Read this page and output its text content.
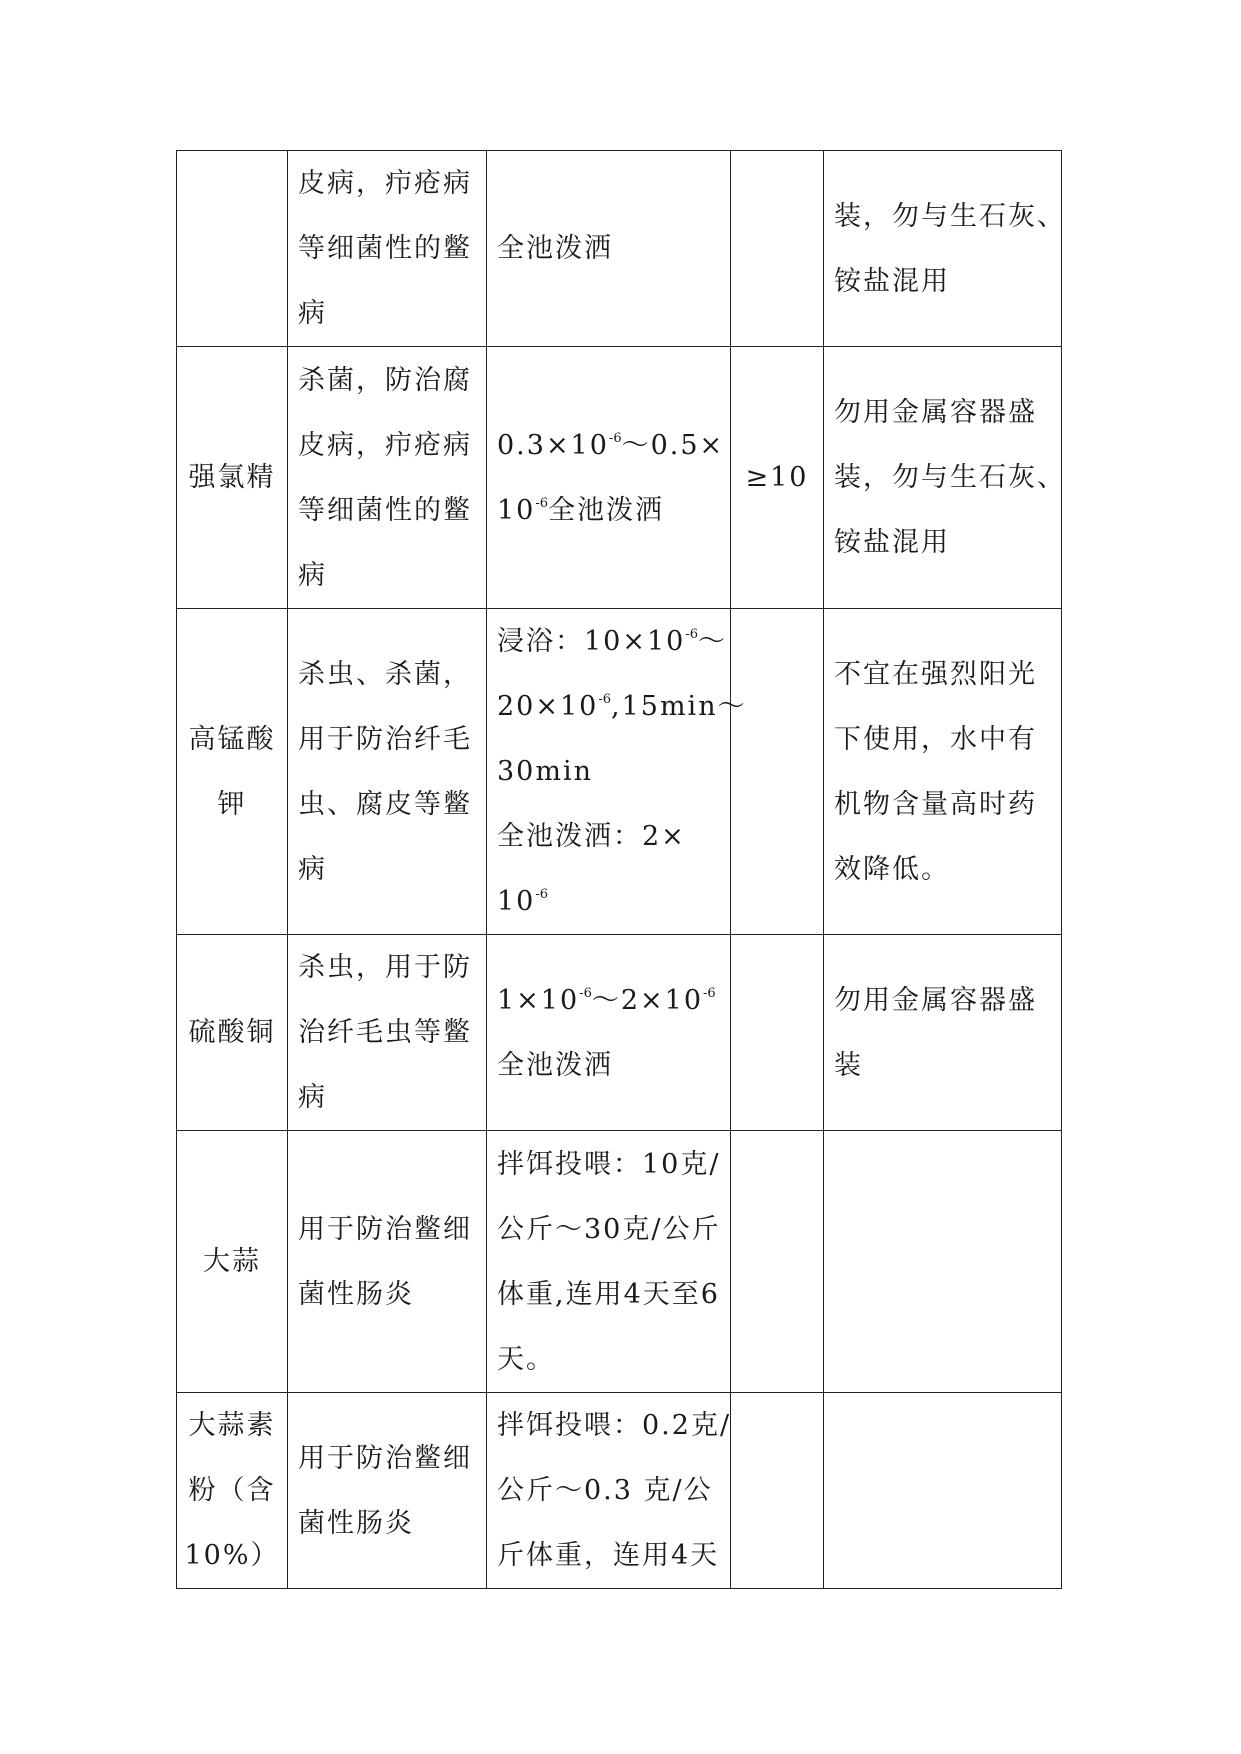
	皮病，疖疮病
等细菌性的鳖
病	全池泼洒		装，勿与生石灰、
铵盐混用

强氯精	杀菌，防治腐
皮病，疖疮病
等细菌性的鳖
病	$0.3\times 10^{-6}\sim 0.5\times$
$10^{-6}$全池泼洒	≥10	勿用金属容器盛
装，勿与生石灰、
铵盐混用

高锰酸
钾	杀虫、杀菌，
用于防治纤毛
虫、腐皮等鳖
病	浸浴：$10\times 10^{-6}\sim$
$20\times 10^{-6},15\min\sim$
30min
全池泼洒：2×
$10^{-6}$		不宜在强烈阳光
下使用，水中有
机物含量高时药
效降低。

硫酸铜	杀虫，用于防
治纤毛虫等鳖
病	$1\times 10^{-6}\sim 2\times 10^{-6}$
全池泼洒		勿用金属容器盛
装

大蒜	用于防治鳖细
菌性肠炎	拌饵投喂：10克/
公斤～30克/公斤
体重,连用4天至6
天。		

大蒜素
粉（含
10%）	用于防治鳖细
菌性肠炎	拌饵投喂：0.2克/
公斤～0.3 克/公
斤体重，连用4天		
